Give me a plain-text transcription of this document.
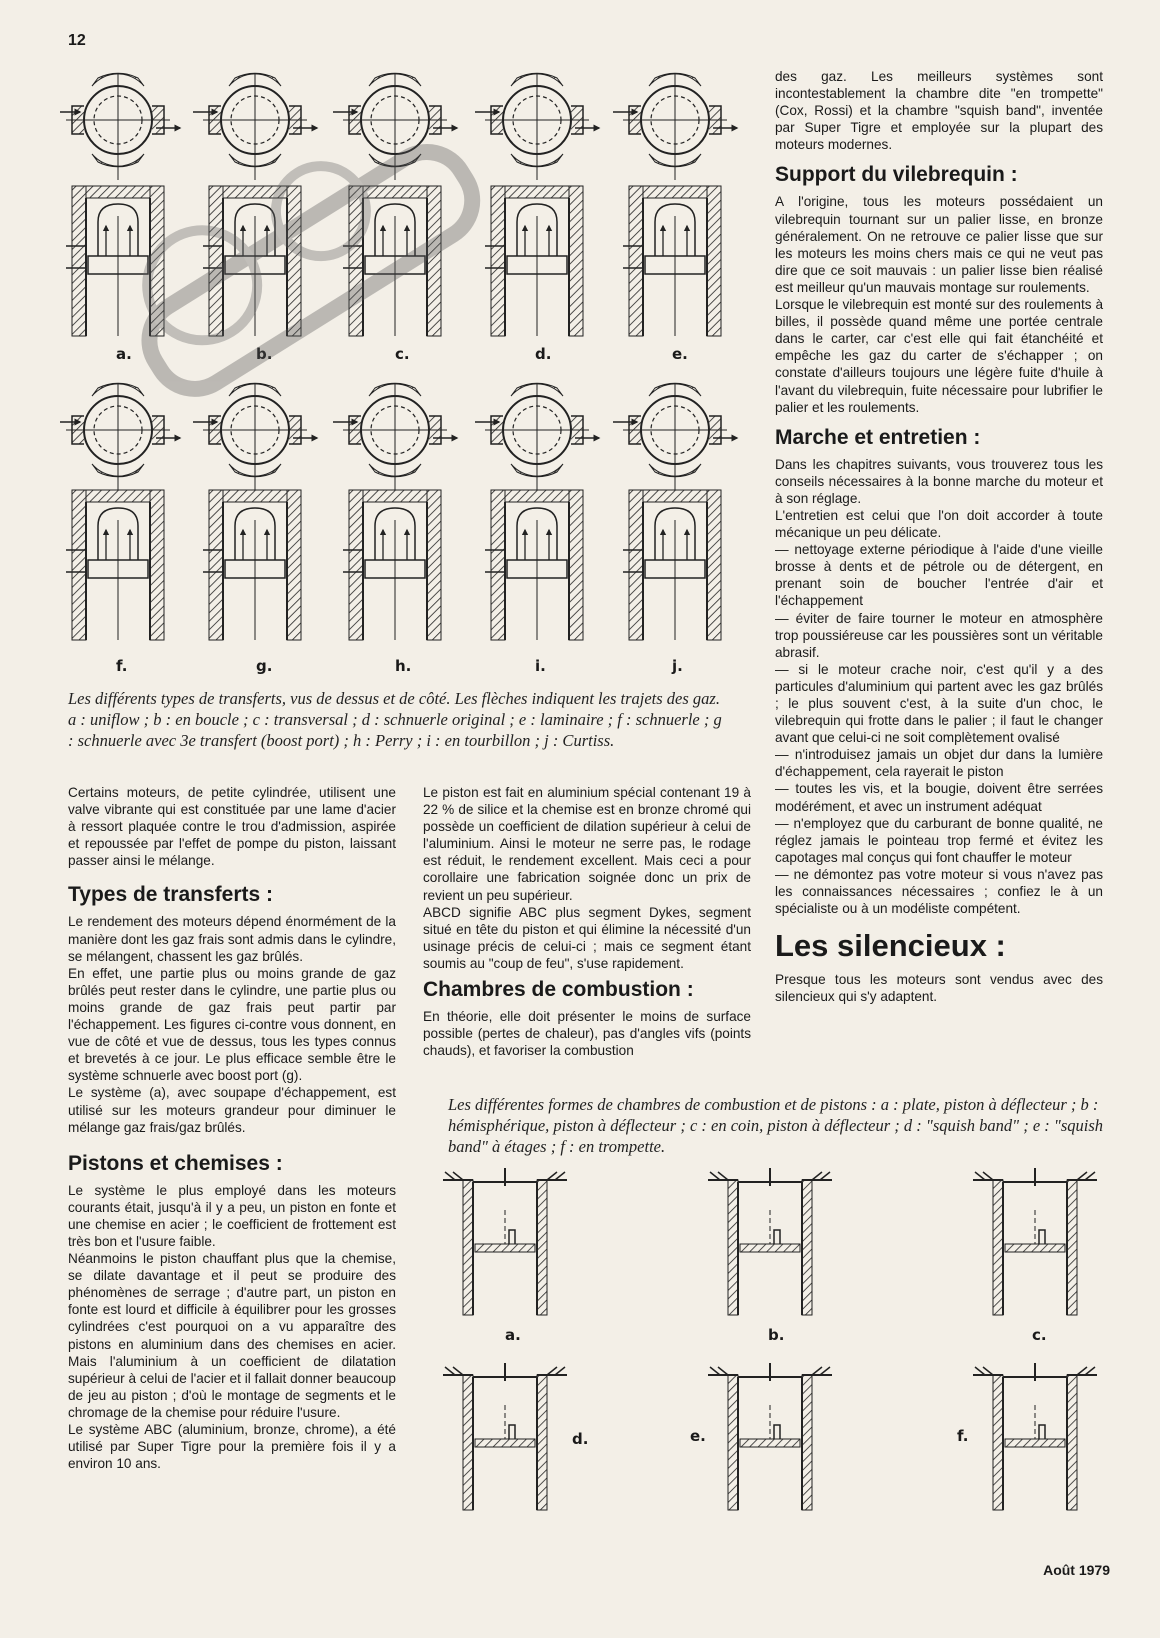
12
Août 1979
a.	b.	c.	d.	e.
f.	g.	h.	i.	j.
Les différents types de transferts, vus de dessus et de côté. Les flèches indiquent les trajets des gaz. a : uniflow ; b : en boucle ; c : transversal ; d : schnuerle original ; e : laminaire ; f : schnuerle ; g : schnuerle avec 3e transfert (boost port) ; h : Perry ; i : en tourbillon ; j : Curtiss.

Certains moteurs, de petite cylindrée, utilisent une valve vibrante qui est constituée par une lame d'acier à ressort plaquée contre le trou d'admission, aspirée et repoussée par l'effet de pompe du piston, laissant passer ainsi le mélange.

Types de transferts :

Le rendement des moteurs dépend énormément de la manière dont les gaz frais sont admis dans le cylindre, se mélangent, chassent les gaz brûlés.

En effet, une partie plus ou moins grande de gaz brûlés peut rester dans le cylindre, une partie plus ou moins grande de gaz frais peut partir par l'échappement. Les figures ci-contre vous donnent, en vue de côté et vue de dessus, tous les types connus et brevetés à ce jour. Le plus efficace semble être le système schnuerle avec boost port (g).

Le système (a), avec soupape d'échappement, est utilisé sur les moteurs grandeur pour diminuer le mélange gaz frais/gaz brûlés.

Pistons et chemises :

Le système le plus employé dans les moteurs courants était, jusqu'à il y a peu, un piston en fonte et une chemise en acier ; le coefficient de frottement est très bon et l'usure faible.

Néanmoins le piston chauffant plus que la chemise, se dilate davantage et il peut se produire des phénomènes de serrage ; d'autre part, un piston en fonte est lourd et difficile à équilibrer pour les grosses cylindrées c'est pourquoi on a vu apparaître des pistons en aluminium dans des chemises en acier. Mais l'aluminium à un coefficient de dilatation supérieur à celui de l'acier et il fallait donner beaucoup de jeu au piston ; d'où le montage de segments et le chromage de la chemise pour réduire l'usure.

Le système ABC (aluminium, bronze, chrome), a été utilisé par Super Tigre pour la première fois il y a environ 10 ans.

Le piston est fait en aluminium spécial contenant 19 à 22 % de silice et la chemise est en bronze chromé qui possède un coefficient de dilation supérieur à celui de l'aluminium. Ainsi le moteur ne serre pas, le rodage est réduit, le rendement excellent. Mais ceci a pour corollaire une fabrication soignée donc un prix de revient un peu supérieur.

ABCD signifie ABC plus segment Dykes, segment situé en tête du piston et qui élimine la nécessité d'un usinage précis de celui-ci ; mais ce segment étant soumis au "coup de feu", s'use rapidement.

Chambres de combustion :

En théorie, elle doit présenter le moins de surface possible (pertes de chaleur), pas d'angles vifs (points chauds), et favoriser la combustion

des gaz. Les meilleurs systèmes sont incontestablement la chambre dite "en trompette" (Cox, Rossi) et la chambre "squish band", inventée par Super Tigre et employée sur la plupart des moteurs modernes.

Support du vilebrequin :

A l'origine, tous les moteurs possédaient un vilebrequin tournant sur un palier lisse, en bronze généralement. On ne retrouve ce palier lisse que sur les moteurs les moins chers mais ce qui ne veut pas dire que ce soit mauvais : un palier lisse bien réalisé est meilleur qu'un mauvais montage sur roulements.

Lorsque le vilebrequin est monté sur des roulements à billes, il possède quand même une portée centrale dans le carter, car c'est elle qui fait étanchéité et empêche les gaz du carter de s'échapper ; on constate d'ailleurs toujours une légère fuite d'huile à l'avant du vilebrequin, fuite nécessaire pour lubrifier le palier et les roulements.

Marche et entretien :

Dans les chapitres suivants, vous trouverez tous les conseils nécessaires à la bonne marche du moteur et à son réglage.

L'entretien est celui que l'on doit accorder à toute mécanique un peu délicate.

— nettoyage externe périodique à l'aide d'une vieille brosse à dents et de pétrole ou de détergent, en prenant soin de boucher l'entrée d'air et l'échappement

— éviter de faire tourner le moteur en atmosphère trop poussiéreuse car les poussières sont un véritable abrasif.

— si le moteur crache noir, c'est qu'il y a des particules d'aluminium qui partent avec les gaz brûlés ; le plus souvent c'est, à la suite d'un choc, le vilebrequin qui frotte dans le palier ; il faut le changer avant que celui-ci ne soit complètement ovalisé

— n'introduisez jamais un objet dur dans la lumière d'échappement, cela rayerait le piston

— toutes les vis, et la bougie, doivent être serrées modérément, et avec un instrument adéquat

— n'employez que du carburant de bonne qualité, ne réglez jamais le pointeau trop fermé et évitez les capotages mal conçus qui font chauffer le moteur

— ne démontez pas votre moteur si vous n'avez pas les connaissances nécessaires ; confiez le à un spécialiste ou à un modéliste compétent.

Les silencieux :

Presque tous les moteurs sont vendus avec des silencieux qui s'y adaptent.

Les différentes formes de chambres de combustion et de pistons : a : plate, piston à déflecteur ; b : hémisphérique, piston à déflecteur ; c : en coin, piston à déflecteur ; d : "squish band" ; e : "squish band" à étages ; f : en trompette.
a.	b.	c.
d.	e.	f.
